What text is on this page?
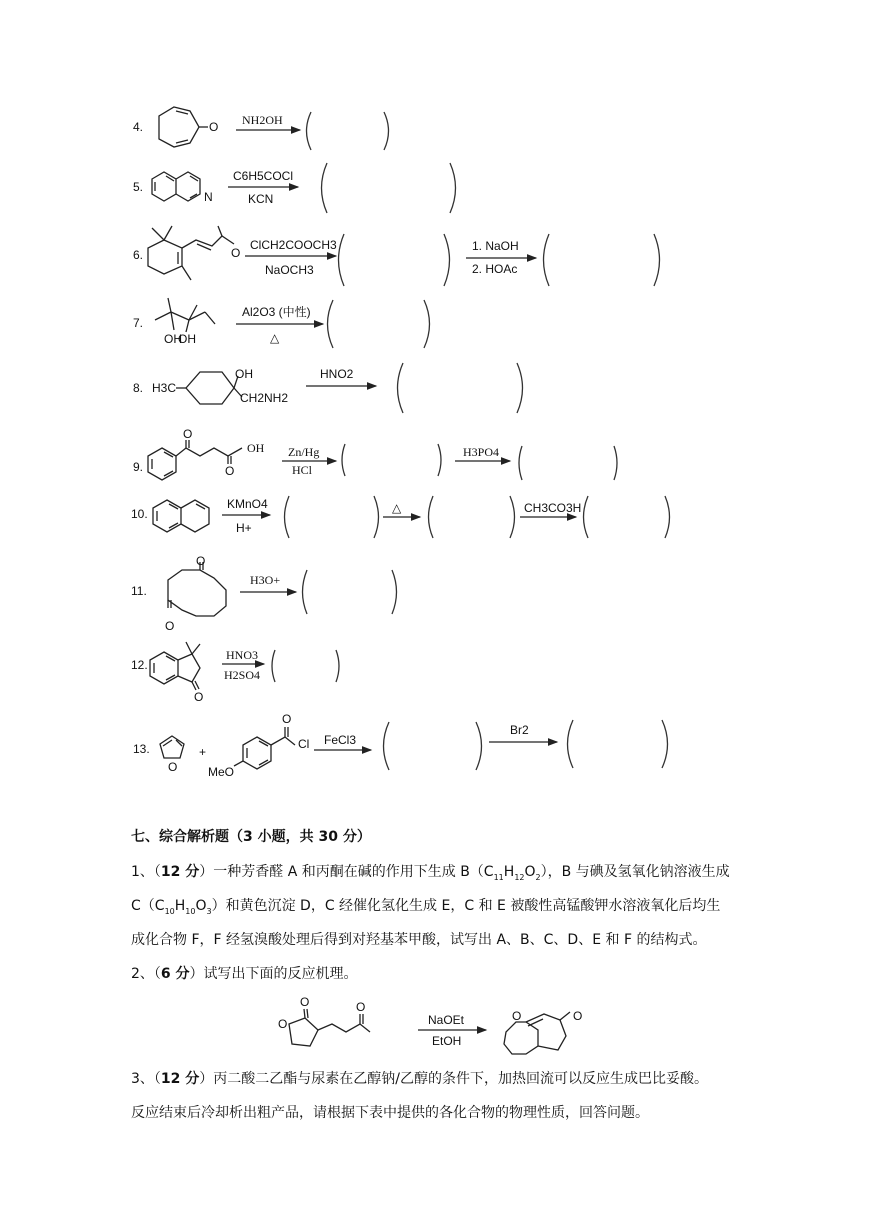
4.	O NH2OH
5.
N
C6H5COCl
KCN
6.	O
ClCH2COOCH3
NaOCH3
1. NaOH
2. HOAc
7.
OH
OH
Al2O3 (中性)
△
8. H3C
OH
CH2NH2
HNO2
9.
O
O
OH Zn/Hg
HCl
H3PO4
10.
KMnO4
H+
△	CH3CO3H
11.
O
O
H3O+
12.
O
HNO3
H2SO4
13.
O
+
O
Cl
MeO
FeCl3
Br2
O
O	O
NaOEt
EtOH
O	O
七、综合解析题（3 小题，共 30 分）
1、（12 分）一种芳香醛 A 和丙酮在碱的作用下生成 $B(C_{11}H_{12}O_2)$，B 与碘及氢氧化钠溶液生成
$C(C_{10}H_{10}O_3)$和黄色沉淀 D，C 经催化氢化生成 E，C 和 E 被酸性高锰酸钾水溶液氧化后均生
成化合物 F，F 经氢溴酸处理后得到对羟基苯甲酸，试写出 A、B、C、D、E 和 F 的结构式。
2、（6 分）试写出下面的反应机理。
3、（12 分）丙二酸二乙酯与尿素在乙醇钠/乙醇的条件下，加热回流可以反应生成巴比妥酸。
反应结束后冷却析出粗产品，请根据下表中提供的各化合物的物理性质，回答问题。
